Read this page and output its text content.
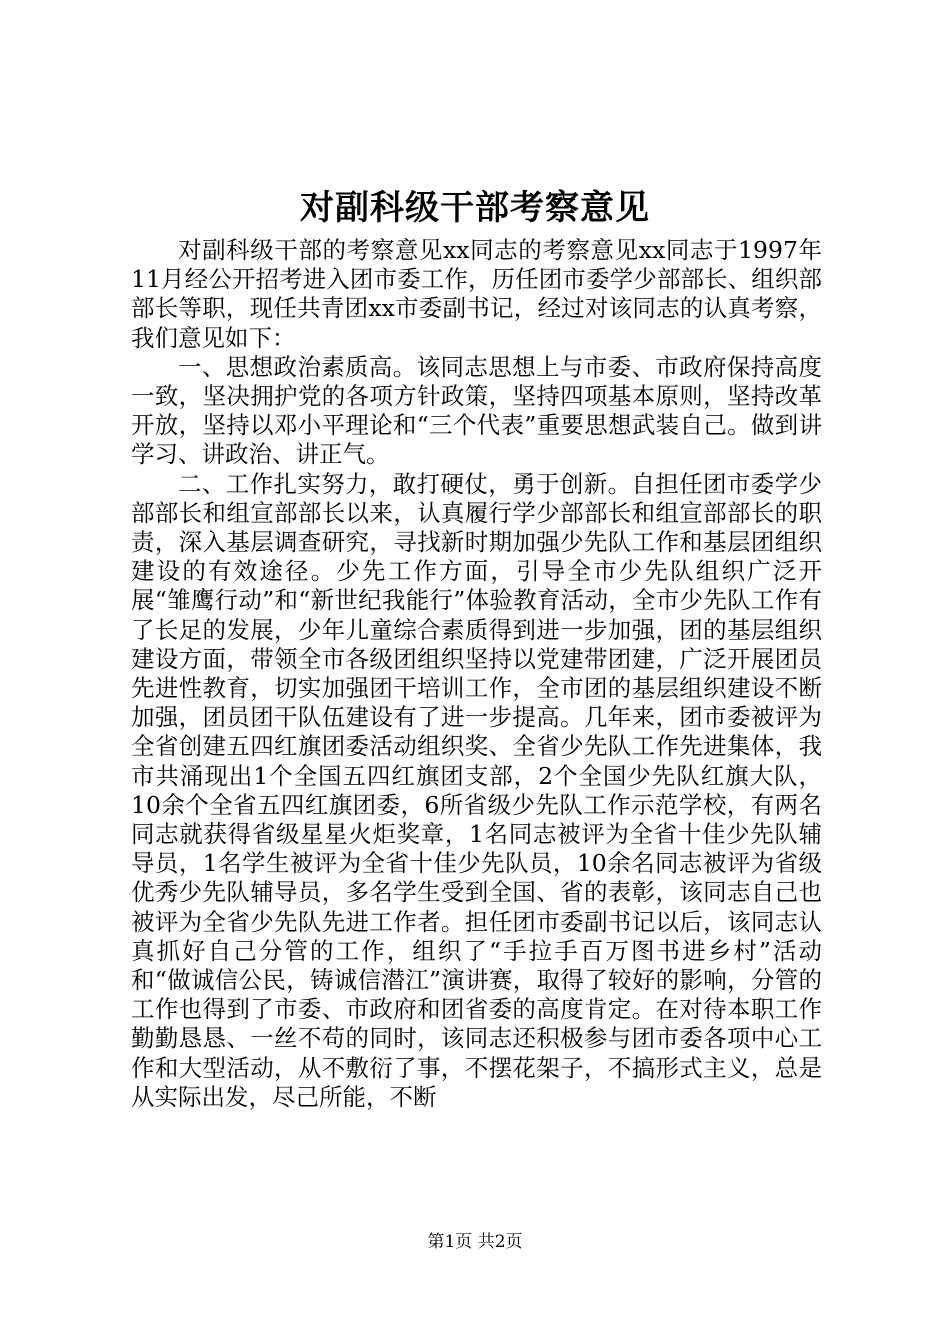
对副科级干部考察意见

对副科级干部的考察意见xx同志的考察意见xx同志于1997年11月经公开招考进入团市委工作，历任团市委学少部部长、组织部部长等职，现任共青团xx市委副书记，经过对该同志的认真考察，我们意见如下：

一、思想政治素质高。该同志思想上与市委、市政府保持高度一致，坚决拥护党的各项方针政策，坚持四项基本原则，坚持改革开放，坚持以邓小平理论和“三个代表”重要思想武装自己。做到讲学习、讲政治、讲正气。

二、工作扎实努力，敢打硬仗，勇于创新。自担任团市委学少部部长和组宣部部长以来，认真履行学少部部长和组宣部部长的职责，深入基层调查研究，寻找新时期加强少先队工作和基层团组织建设的有效途径。少先工作方面，引导全市少先队组织广泛开展“雏鹰行动”和“新世纪我能行”体验教育活动，全市少先队工作有了长足的发展，少年儿童综合素质得到进一步加强，团的基层组织建设方面，带领全市各级团组织坚持以党建带团建，广泛开展团员先进性教育，切实加强团干培训工作，全市团的基层组织建设不断加强，团员团干队伍建设有了进一步提高。几年来，团市委被评为全省创建五四红旗团委活动组织奖、全省少先队工作先进集体，我市共涌现出1个全国五四红旗团支部，2个全国少先队红旗大队，10余个全省五四红旗团委，6所省级少先队工作示范学校，有两名同志就获得省级星星火炬奖章，1名同志被评为全省十佳少先队辅导员，1名学生被评为全省十佳少先队员，10余名同志被评为省级优秀少先队辅导员，多名学生受到全国、省的表彰，该同志自己也被评为全省少先队先进工作者。担任团市委副书记以后，该同志认真抓好自己分管的工作，组织了“手拉手百万图书进乡村”活动和“做诚信公民，铸诚信潜江”演讲赛，取得了较好的影响，分管的工作也得到了市委、市政府和团省委的高度肯定。在对待本职工作勤勤恳恳、一丝不苟的同时，该同志还积极参与团市委各项中心工作和大型活动，从不敷衍了事，不摆花架子，不搞形式主义，总是从实际出发，尽己所能，不断

第1页 共2页
